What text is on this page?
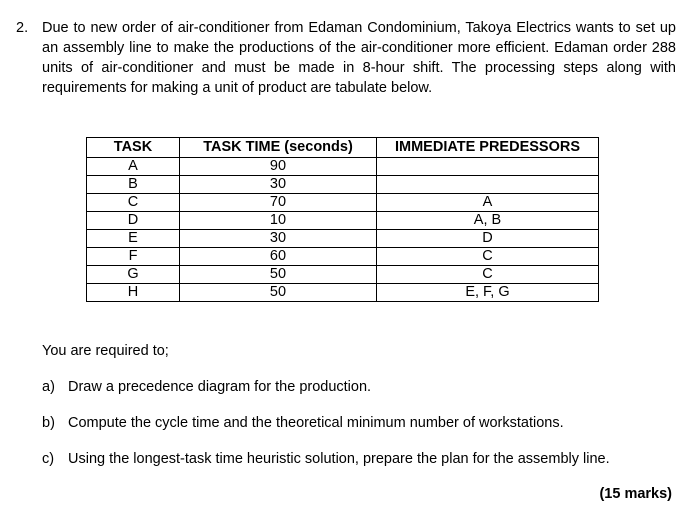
2. Due to new order of air-conditioner from Edaman Condominium, Takoya Electrics wants to set up an assembly line to make the productions of the air-conditioner more efficient. Edaman order 288 units of air-conditioner and must be made in 8-hour shift. The processing steps along with requirements for making a unit of product are tabulate below.
TASK	TASK TIME (seconds)	IMMEDIATE PREDESSORS
A	90	
B	30	
C	70	A
D	10	A, B
E	30	D
F	60	C
G	50	C
H	50	E, F, G
You are required to;
a) Draw a precedence diagram for the production.
b) Compute the cycle time and the theoretical minimum number of workstations.
c) Using the longest-task time heuristic solution, prepare the plan for the assembly line.
(15 marks)
